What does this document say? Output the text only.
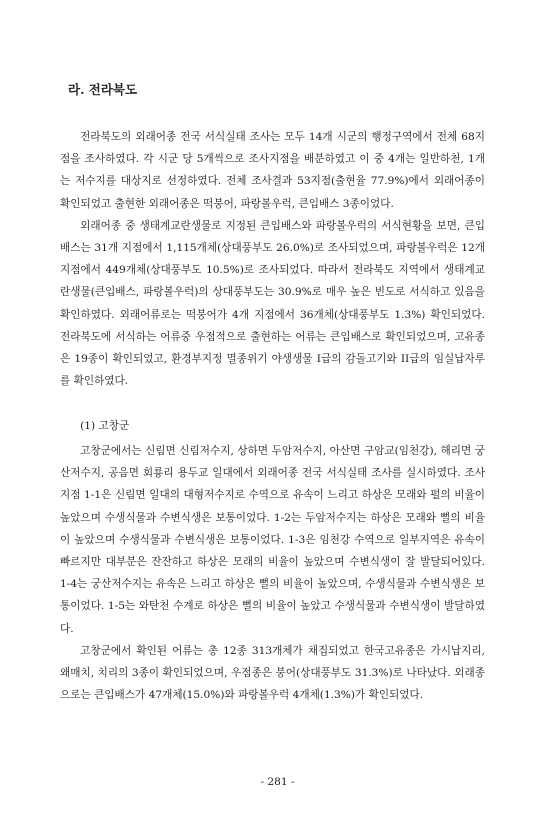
라. 전라북도

전라북도의 외래어종 전국 서식실태 조사는 모두 14개 시군의 행정구역에서 전체 68지점을 조사하였다. 각 시군 당 5개씩으로 조사지점을 배분하였고 이 중 4개는 일반하천, 1개는 저수지를 대상지로 선정하였다. 전체 조사결과 53지점(출현율 77.9%)에서 외래어종이 확인되었고 출현한 외래어종은 떡붕어, 파랑볼우럭, 큰입배스 3종이었다.

외래어종 중 생태계교란생물로 지정된 큰입배스와 파랑볼우럭의 서식현황을 보면, 큰입배스는 31개 지점에서 1,115개체(상대풍부도 26.0%)로 조사되었으며, 파랑볼우럭은 12개 지점에서 449개체(상대풍부도 10.5%)로 조사되었다. 따라서 전라북도 지역에서 생태계교란생물(큰입배스, 파랑볼우럭)의 상대풍부도는 30.9%로 매우 높은 빈도로 서식하고 있음을 확인하였다. 외래어류로는 떡붕어가 4개 지점에서 36개체(상대풍부도 1.3%) 확인되었다. 전라북도에 서식하는 어류중 우점적으로 출현하는 어류는 큰입배스로 확인되었으며, 고유종은 19종이 확인되었고, 환경부지정 멸종위기 야생생물 I급의 감돌고기와 II급의 임실납자루를 확인하였다.

(1) 고창군

고창군에서는 신림면 신림저수지, 상하면 두암저수지, 아산면 구암교(임천강), 해리면 궁산저수지, 공음면 회룡리 용두교 일대에서 외래어종 전국 서식실태 조사를 실시하였다. 조사지점 1-1은 신림면 일대의 대형저수지로 수역으로 유속이 느리고 하상은 모래와 펄의 비율이 높았으며 수생식물과 수변식생은 보통이었다. 1-2는 두암저수지는 하상은 모래와 뻘의 비율이 높았으며 수생식물과 수변식생은 보통이었다. 1-3은 임천강 수역으로 일부지역은 유속이 빠르지만 대부분은 잔잔하고 하상은 모래의 비율이 높았으며 수변식생이 잘 발달되어있다. 1-4는 궁산저수지는 유속은 느리고 하상은 뻘의 비율이 높았으며, 수생식물과 수변식생은 보통이었다. 1-5는 와탄천 수계로 하상은 뻘의 비율이 높았고 수생식물과 수변식생이 발달하였다.

고창군에서 확인된 어류는 총 12종 313개체가 채집되었고 한국고유종은 가시납지리, 왜매치, 치리의 3종이 확인되었으며, 우점종은 붕어(상대풍부도 31.3%)로 나타났다. 외래종으로는 큰입배스가 47개체(15.0%)와 파랑볼우럭 4개체(1.3%)가 확인되었다.

- 281 -
